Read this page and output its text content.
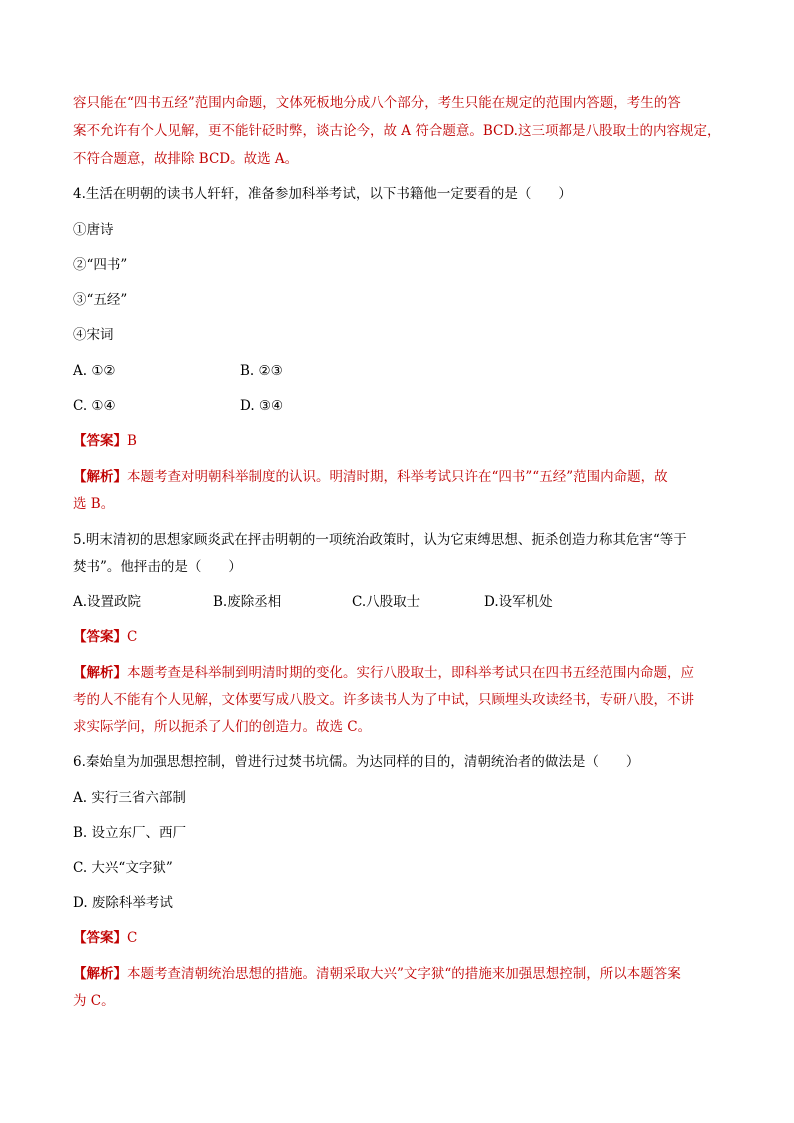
容只能在“四书五经”范围内命题，文体死板地分成八个部分，考生只能在规定的范围内答题，考生的答
案不允许有个人见解，更不能针砭时弊，谈古论今，故 A 符合题意。BCD.这三项都是八股取士的内容规定，
不符合题意，故排除 BCD。故选 A。
4.生活在明朝的读书人轩轩，准备参加科举考试，以下书籍他一定要看的是（　　）
①唐诗
②“四书”
③“五经”
④宋词
A. ①②	B. ②③
C. ①④	D. ③④
【答案】B
【解析】本题考查对明朝科举制度的认识。明清时期，科举考试只许在“四书”“五经”范围内命题，故
选 B。
5.明末清初的思想家顾炎武在抨击明朝的一项统治政策时，认为它束缚思想、扼杀创造力称其危害“等于
焚书”。他抨击的是（　　）
A.设置政院	B.废除丞相	C.八股取士	D.设军机处
【答案】C
【解析】本题考查是科举制到明清时期的变化。实行八股取士，即科举考试只在四书五经范围内命题，应
考的人不能有个人见解，文体要写成八股文。许多读书人为了中试，只顾埋头攻读经书，专研八股，不讲
求实际学问，所以扼杀了人们的创造力。故选 C。
6.秦始皇为加强思想控制，曾进行过焚书坑儒。为达同样的目的，清朝统治者的做法是（　　）
A. 实行三省六部制
B. 设立东厂、西厂
C. 大兴“文字狱”
D. 废除科举考试
【答案】C
【解析】本题考查清朝统治思想的措施。清朝采取大兴”文字狱“的措施来加强思想控制，所以本题答案
为 C。
